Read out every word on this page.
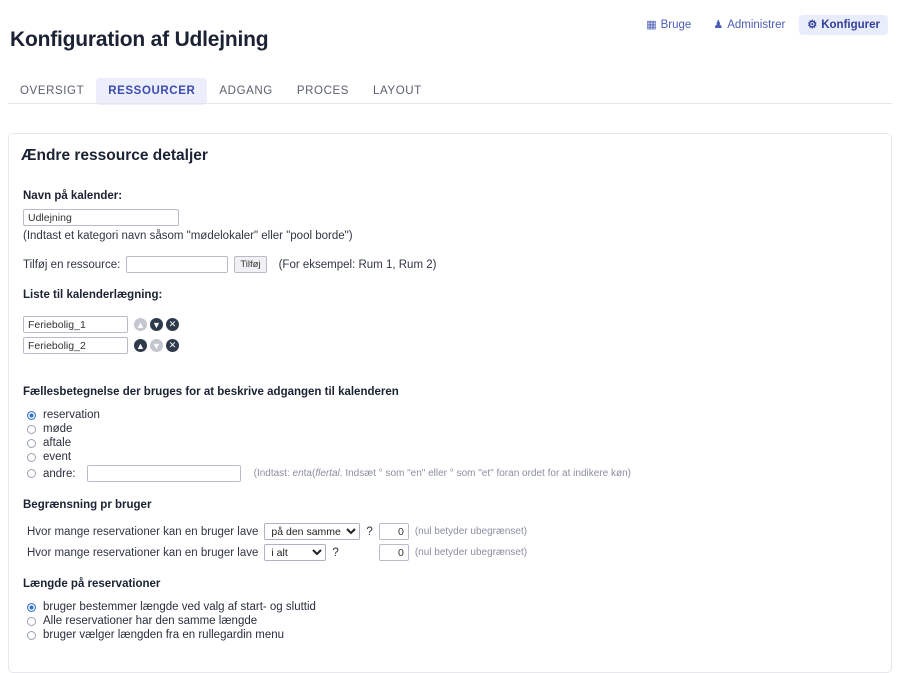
▦ Bruge ♟ Administrer ⚙ Konfigurer
Konfiguration af Udlejning
OVERSIGT	RESSOURCER	ADGANG	PROCES	LAYOUT
Ændre ressource detaljer
Navn på kalender:
Udlejning
(Indtast et kategori navn såsom "mødelokaler" eller "pool borde")
Tilføj en ressource:	Tilføj	(For eksempel: Rum 1, Rum 2)
Liste til kalenderlægning:
Feriebolig_1
▲ ▼ ✕
Feriebolig_2
▲ ▼ ✕
Fællesbetegnelse der bruges for at beskrive adgangen til kalenderen
reservation
møde
aftale
event
andre:	(Indtast: enta(flertal. Indsæt ° som "en" eller ° som "et" foran ordet for at indikere køn)
Begrænsning pr bruger
Hvor mange reservationer kan en bruger lave
på den samme dag	?
0	(nul betyder ubegrænset)
Hvor mange reservationer kan en bruger lave
i alt	?
0	(nul betyder ubegrænset)
Længde på reservationer
bruger bestemmer længde ved valg af start- og sluttid
Alle reservationer har den samme længde
bruger vælger længden fra en rullegardin menu
